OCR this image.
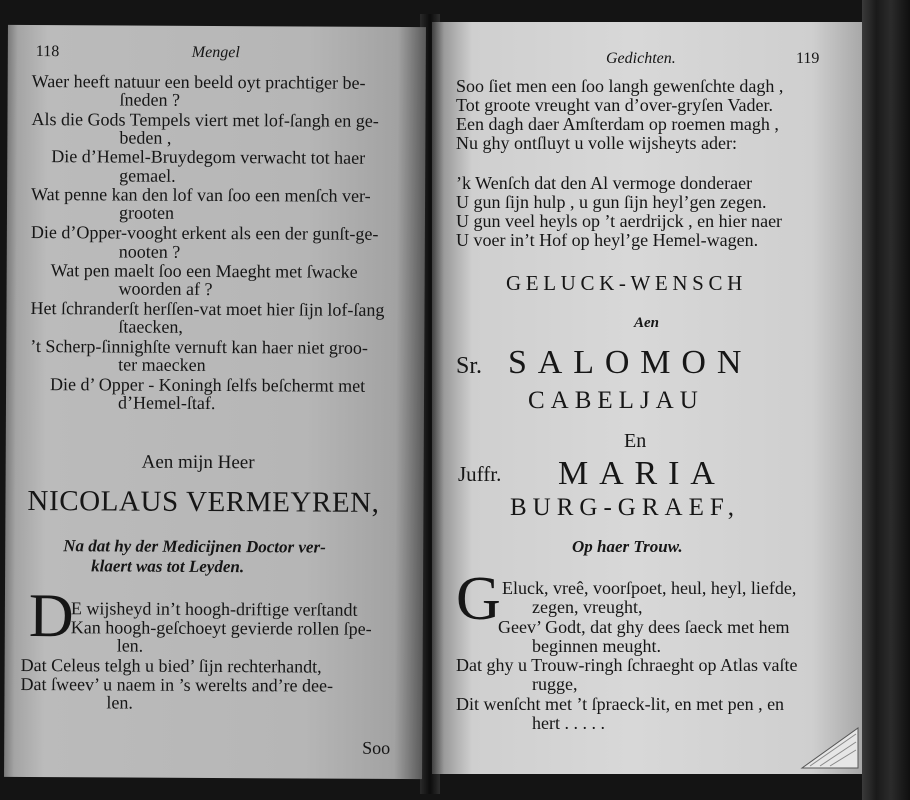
118	Mengel
Waer heeft natuur een beeld oyt prachtiger be-
ſneden ?
Als die Gods Tempels viert met lof-ſangh en ge-
beden ,
Die d’Hemel-Bruydegom verwacht tot haer
gemael.
Wat penne kan den lof van ſoo een menſch ver-
grooten
Die d’Opper-vooght erkent als een der gunſt-ge-
nooten ?
Wat pen maelt ſoo een Maeght met ſwacke
woorden af ?
Het ſchranderſt herſſen-vat moet hier ſijn lof-ſang
ſtaecken,
’t Scherp-ſinnighſte vernuft kan haer niet groo-
ter maecken
Die d’ Opper - Koningh ſelfs beſchermt met
d’Hemel-ſtaf.
Aen mijn Heer
NICOLAUS VERMEYREN,
Na dat hy der Medicijnen Doctor ver-
klaert was tot Leyden.
D
E wijsheyd in’t hoogh-driftige verſtandt
Kan hoogh-geſchoeyt gevierde rollen ſpe-
len.
Dat Celeus telgh u bied’ ſijn rechterhandt,
Dat ſweev’ u naem in ’s werelts and’re dee-
len.
Soo
Gedichten.	119
Soo ſiet men een ſoo langh gewenſchte dagh ,
Tot groote vreught van d’over-gryſen Vader.
Een dagh daer Amſterdam op roemen magh ,
Nu ghy ontſluyt u volle wijsheyts ader:
’k Wenſch dat den Al vermoge donderaer
U gun ſijn hulp , u gun ſijn heyl’gen zegen.
U gun veel heyls op ’t aerdrijck , en hier naer
U voer in’t Hof op heyl’ge Hemel-wagen.
GELUCK-WENSCH
Aen
Sr. SALOMON
CABELJAU
En
Juffr. MARIA
BURG-GRAEF,
Op haer Trouw.
G Eluck, vreê, voorſpoet, heul, heyl, liefde,
zegen, vreught,
Geev’ Godt, dat ghy dees ſaeck met hem
beginnen meught.
Dat ghy u Trouw-ringh ſchraeght op Atlas vaſte
rugge,
Dit wenſcht met ’t ſpraeck-lit, en met pen , en
hert . . . . .
